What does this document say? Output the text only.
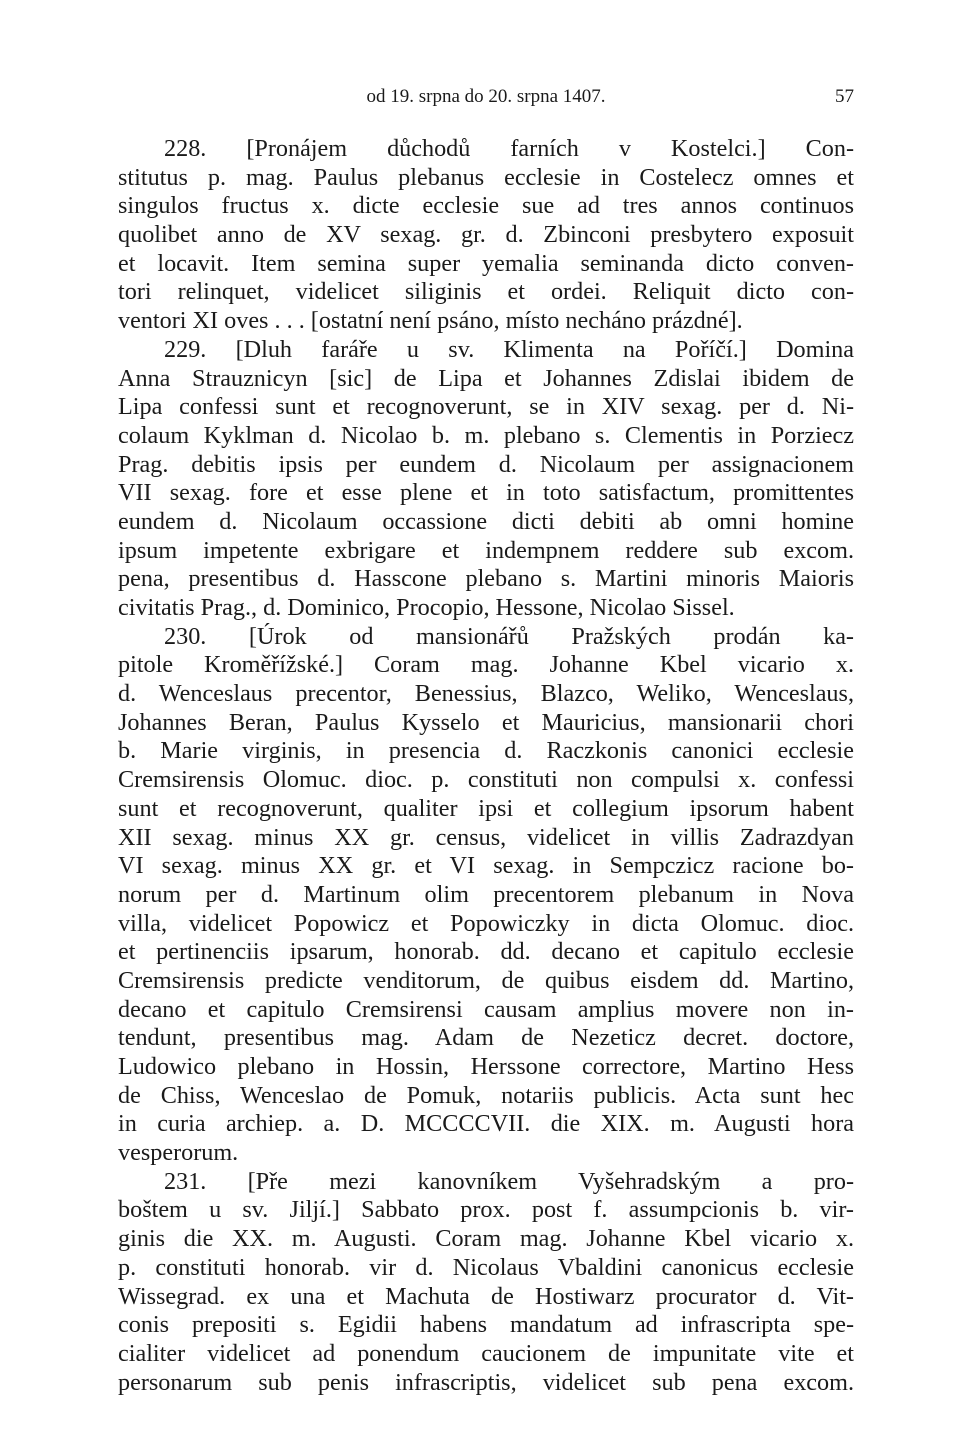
od 19. srpna do 20. srpna 1407.	57
228. [Pronájem důchodů farních v Kostelci.] Con-
stitutus p. mag. Paulus plebanus ecclesie in Costelecz omnes et
singulos fructus x. dicte ecclesie sue ad tres annos continuos
quolibet anno de XV sexag. gr. d. Zbinconi presbytero exposuit
et locavit. Item semina super yemalia seminanda dicto conven-
tori relinquet, videlicet siliginis et ordei. Reliquit dicto con-
ventori XI oves . . . [ostatní není psáno, místo necháno prázdné].
229. [Dluh faráře u sv. Klimenta na Poříčí.] Domina
Anna Strauznicyn [sic] de Lipa et Johannes Zdislai ibidem de
Lipa confessi sunt et recognoverunt, se in XIV sexag. per d. Ni-
colaum Kyklman d. Nicolao b. m. plebano s. Clementis in Porziecz
Prag. debitis ipsis per eundem d. Nicolaum per assignacionem
VII sexag. fore et esse plene et in toto satisfactum, promittentes
eundem d. Nicolaum occassione dicti debiti ab omni homine
ipsum impetente exbrigare et indempnem reddere sub excom.
pena, presentibus d. Hasscone plebano s. Martini minoris Maioris
civitatis Prag., d. Dominico, Procopio, Hessone, Nicolao Sissel.
230. [Úrok od mansionářů Pražských prodán ka-
pitole Kroměřížské.] Coram mag. Johanne Kbel vicario x.
d. Wenceslaus precentor, Benessius, Blazco, Weliko, Wenceslaus,
Johannes Beran, Paulus Kysselo et Mauricius, mansionarii chori
b. Marie virginis, in presencia d. Raczkonis canonici ecclesie
Cremsirensis Olomuc. dioc. p. constituti non compulsi x. confessi
sunt et recognoverunt, qualiter ipsi et collegium ipsorum habent
XII sexag. minus XX gr. census, videlicet in villis Zadrazdyan
VI sexag. minus XX gr. et VI sexag. in Sempczicz racione bo-
norum per d. Martinum olim precentorem plebanum in Nova
villa, videlicet Popowicz et Popowiczky in dicta Olomuc. dioc.
et pertinenciis ipsarum, honorab. dd. decano et capitulo ecclesie
Cremsirensis predicte venditorum, de quibus eisdem dd. Martino,
decano et capitulo Cremsirensi causam amplius movere non in-
tendunt, presentibus mag. Adam de Nezeticz decret. doctore,
Ludowico plebano in Hossin, Herssone correctore, Martino Hess
de Chiss, Wenceslao de Pomuk, notariis publicis. Acta sunt hec
in curia archiep. a. D. MCCCCVII. die XIX. m. Augusti hora
vesperorum.
231. [Pře mezi kanovníkem Vyšehradským a pro-
boštem u sv. Jiljí.] Sabbato prox. post f. assumpcionis b. vir-
ginis die XX. m. Augusti. Coram mag. Johanne Kbel vicario x.
p. constituti honorab. vir d. Nicolaus Vbaldini canonicus ecclesie
Wissegrad. ex una et Machuta de Hostiwarz procurator d. Vit-
conis prepositi s. Egidii habens mandatum ad infrascripta spe-
cialiter videlicet ad ponendum caucionem de impunitate vite et
personarum sub penis infrascriptis, videlicet sub pena excom.
